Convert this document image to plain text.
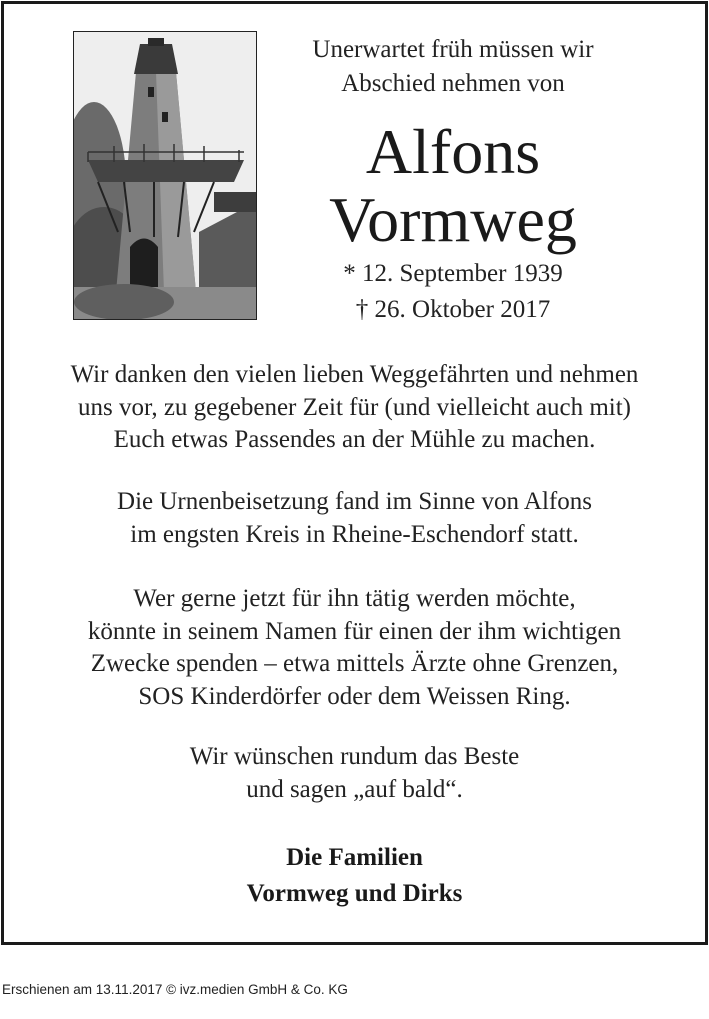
Unerwartet früh müssen wir
Abschied nehmen von
Alfons
Vormweg
* 12. September 1939
† 26. Oktober 2017
Wir danken den vielen lieben Weggefährten und nehmen
uns vor, zu gegebener Zeit für (und vielleicht auch mit)
Euch etwas Passendes an der Mühle zu machen.
Die Urnenbeisetzung fand im Sinne von Alfons
im engsten Kreis in Rheine-Eschendorf statt.
Wer gerne jetzt für ihn tätig werden möchte,
könnte in seinem Namen für einen der ihm wichtigen
Zwecke spenden – etwa mittels Ärzte ohne Grenzen,
SOS Kinderdörfer oder dem Weissen Ring.
Wir wünschen rundum das Beste
und sagen „auf bald“.
Die Familien
Vormweg und Dirks
Erschienen am 13.11.2017 © ivz.medien GmbH & Co. KG
